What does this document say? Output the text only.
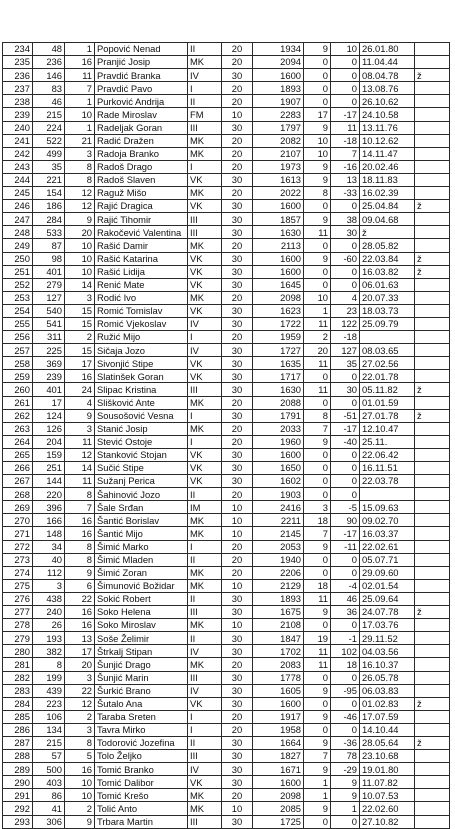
234	48	1	Popović Nenad	II	20	1934	9	10	26.01.80	
235	236	16	Pranjić Josip	MK	20	2094	0	0	11.04.44	
236	146	11	Pravdić Branka	IV	30	1600	0	0	08.04.78	ž
237	83	7	Pravdić Pavo	I	20	1893	0	0	13.08.76	
238	46	1	Purković Andrija	II	20	1907	0	0	26.10.62	
239	215	10	Rade Miroslav	FM	10	2283	17	-17	24.10.58	
240	224	1	Radeljak Goran	III	30	1797	9	11	13.11.76	
241	522	21	Radić Dražen	MK	20	2082	10	-18	10.12.62	
242	499	3	Radoja Branko	MK	20	2107	10	7	14.11.47	
243	35	8	Radoš Drago	I	20	1973	9	-16	20.02.46	
244	221	8	Radoš Slaven	VK	30	1613	9	13	18.11.83	
245	154	12	Raguž Mišo	MK	20	2022	8	-33	16.02.39	
246	186	12	Rajić Dragica	VK	30	1600	0	0	25.04.84	ž
247	284	9	Rajić Tihomir	III	30	1857	9	38	09.04.68	
248	533	20	Rakočević Valentina	III	30	1630	11	30	ž	
249	87	10	Rašić Damir	MK	20	2113	0	0	28.05.82	
250	98	10	Rašić Katarina	VK	30	1600	9	-60	22.03.84	ž
251	401	10	Rašić Lidija	VK	30	1600	0	0	16.03.82	ž
252	279	14	Renić Mate	VK	30	1645	0	0	06.01.63	
253	127	3	Rodić Ivo	MK	20	2098	10	4	20.07.33	
254	540	15	Romić Tomislav	VK	30	1623	1	23	18.03.73	
255	541	15	Romić Vjekoslav	IV	30	1722	11	122	25.09.79	
256	311	2	Ružić Mijo	I	20	1959	2	-18		
257	225	15	Sičaja Jozo	IV	30	1727	20	127	08.03.65	
258	369	17	Sivonjić Stipe	VK	30	1635	11	35	27.02.56	
259	239	16	Slatinšek Goran	VK	30	1717	0	0	22.01.78	
260	401	24	Slipac Kristina	III	30	1630	11	30	05.11.82	ž
261	17	4	Slišković Ante	MK	20	2088	0	0	01.01.59	
262	124	9	Sousošović Vesna	I	30	1791	8	-51	27.01.78	ž
263	126	3	Stanić Josip	MK	20	2033	7	-17	12.10.47	
264	204	11	Stević Ostoje	I	20	1960	9	-40	25.11.	
265	159	12	Stanković Stojan	VK	30	1600	0	0	22.06.42	
266	251	14	Sučić Stipe	VK	30	1650	0	0	16.11.51	
267	144	11	Sužanj Perica	VK	30	1602	0	0	22.03.78	
268	220	8	Šahinović Jozo	II	20	1903	0	0		
269	396	7	Šale Srđan	IM	10	2416	3	-5	15.09.63	
270	166	16	Šantić Borislav	MK	10	2211	18	90	09.02.70	
271	148	16	Šantić Mijo	MK	10	2145	7	-17	16.03.37	
272	34	8	Šimić Marko	I	20	2053	9	-11	22.02.61	
273	40	8	Šimić Mladen	II	20	1940	0	0	05.07.71	
274	112	9	Šimić Zoran	MK	20	2206	0	0	29.09.60	
275	3	6	Šimunović Božidar	MK	10	2129	18	-4	02.01.54	
276	438	22	Sokić Robert	II	30	1893	11	46	25.09.64	
277	240	16	Soko Helena	III	30	1675	9	36	24.07.78	ž
278	26	16	Soko Miroslav	MK	10	2108	0	0	17.03.76	
279	193	13	Soše Želimir	II	30	1847	19	-1	29.11.52	
280	382	17	Štrkalj Stipan	IV	30	1702	11	102	04.03.56	
281	8	20	Šunjić Drago	MK	20	2083	11	18	16.10.37	
282	199	3	Šunjić Marin	III	30	1778	0	0	26.05.78	
283	439	22	Šurkić Brano	IV	30	1605	9	-95	06.03.83	
284	223	12	Šutalo Ana	VK	30	1600	0	0	01.02.83	ž
285	106	2	Taraba Sreten	I	20	1917	9	-46	17.07.59	
286	134	3	Tavra Mirko	I	20	1958	0	0	14.10.44	
287	215	8	Todorović Jozefina	II	30	1664	9	-36	28.05.64	ž
288	57	5	Tolo Željko	III	30	1827	7	78	23.10.68	
289	500	16	Tomić Branko	IV	30	1671	9	-29	19.01.80	
290	403	10	Tomić Dalibor	VK	30	1600	1	9	11.07.82	
291	86	10	Tomić Krešo	MK	20	2098	1	9	10.07.53	
292	41	2	Tolić Anto	MK	10	2085	9	1	22.02.60	
293	306	9	Trbara Martin	III	30	1725	0	0	27.10.82	
